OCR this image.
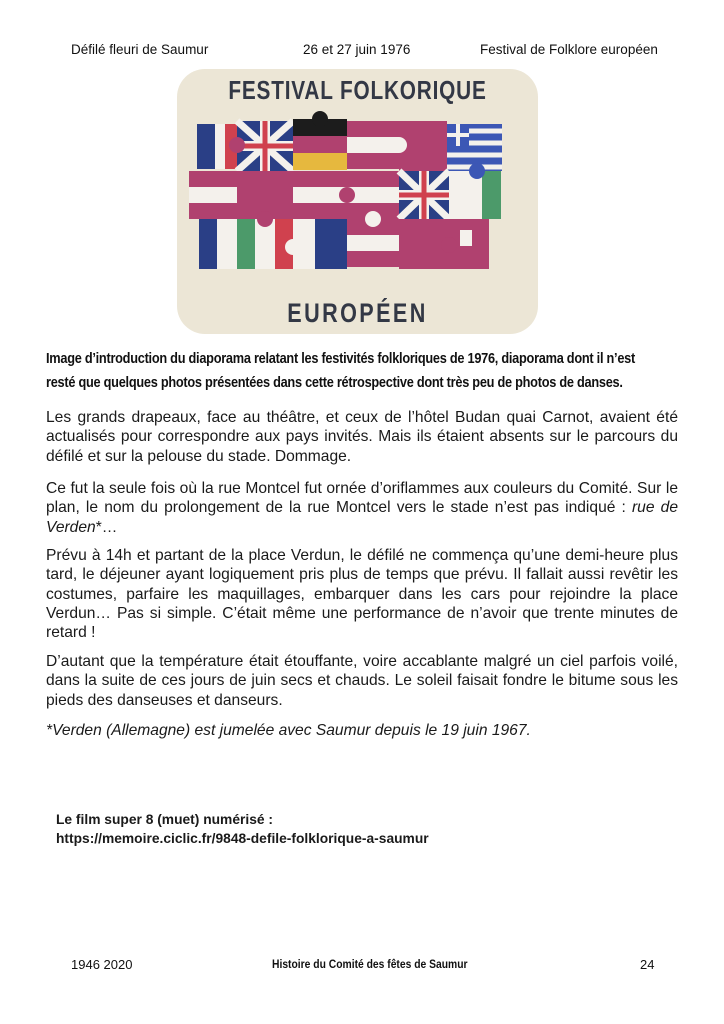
Défilé fleuri de Saumur	26 et 27 juin 1976	Festival de Folklore européen
FESTIVAL FOLKORIQUE
EUROPÉEN
Image d’introduction du diaporama relatant les festivités folkloriques de 1976, diaporama dont il n’est
resté que quelques photos présentées dans cette rétrospective dont très peu de photos de danses.
Les grands drapeaux, face au théâtre, et ceux de l’hôtel Budan quai Carnot, avaient été actualisés pour correspondre aux pays invités. Mais ils étaient absents sur le parcours du défilé et sur la pelouse du stade. Dommage.
Ce fut la seule fois où la rue Montcel fut ornée d’oriflammes aux couleurs du Comité. Sur le plan, le nom du prolongement de la rue Montcel vers le stade n’est pas indiqué : rue de Verden*…
Prévu à 14h et partant de la place Verdun, le défilé ne commença qu’une demi-heure plus tard, le déjeuner ayant logiquement pris plus de temps que prévu. Il fallait aussi revêtir les costumes, parfaire les maquillages, embarquer dans les cars pour rejoindre la place Verdun… Pas si simple. C’était même une performance de n’avoir que trente minutes de retard !
D’autant que la température était étouffante, voire accablante malgré un ciel parfois voilé, dans la suite de ces jours de juin secs et chauds. Le soleil faisait fondre le bitume sous les pieds des danseuses et danseurs.
*Verden (Allemagne) est jumelée avec Saumur depuis le 19 juin 1967.
Le film super 8 (muet) numérisé :
https://memoire.ciclic.fr/9848-defile-folklorique-a-saumur
1946 2020	Histoire du Comité des fêtes de Saumur	24
